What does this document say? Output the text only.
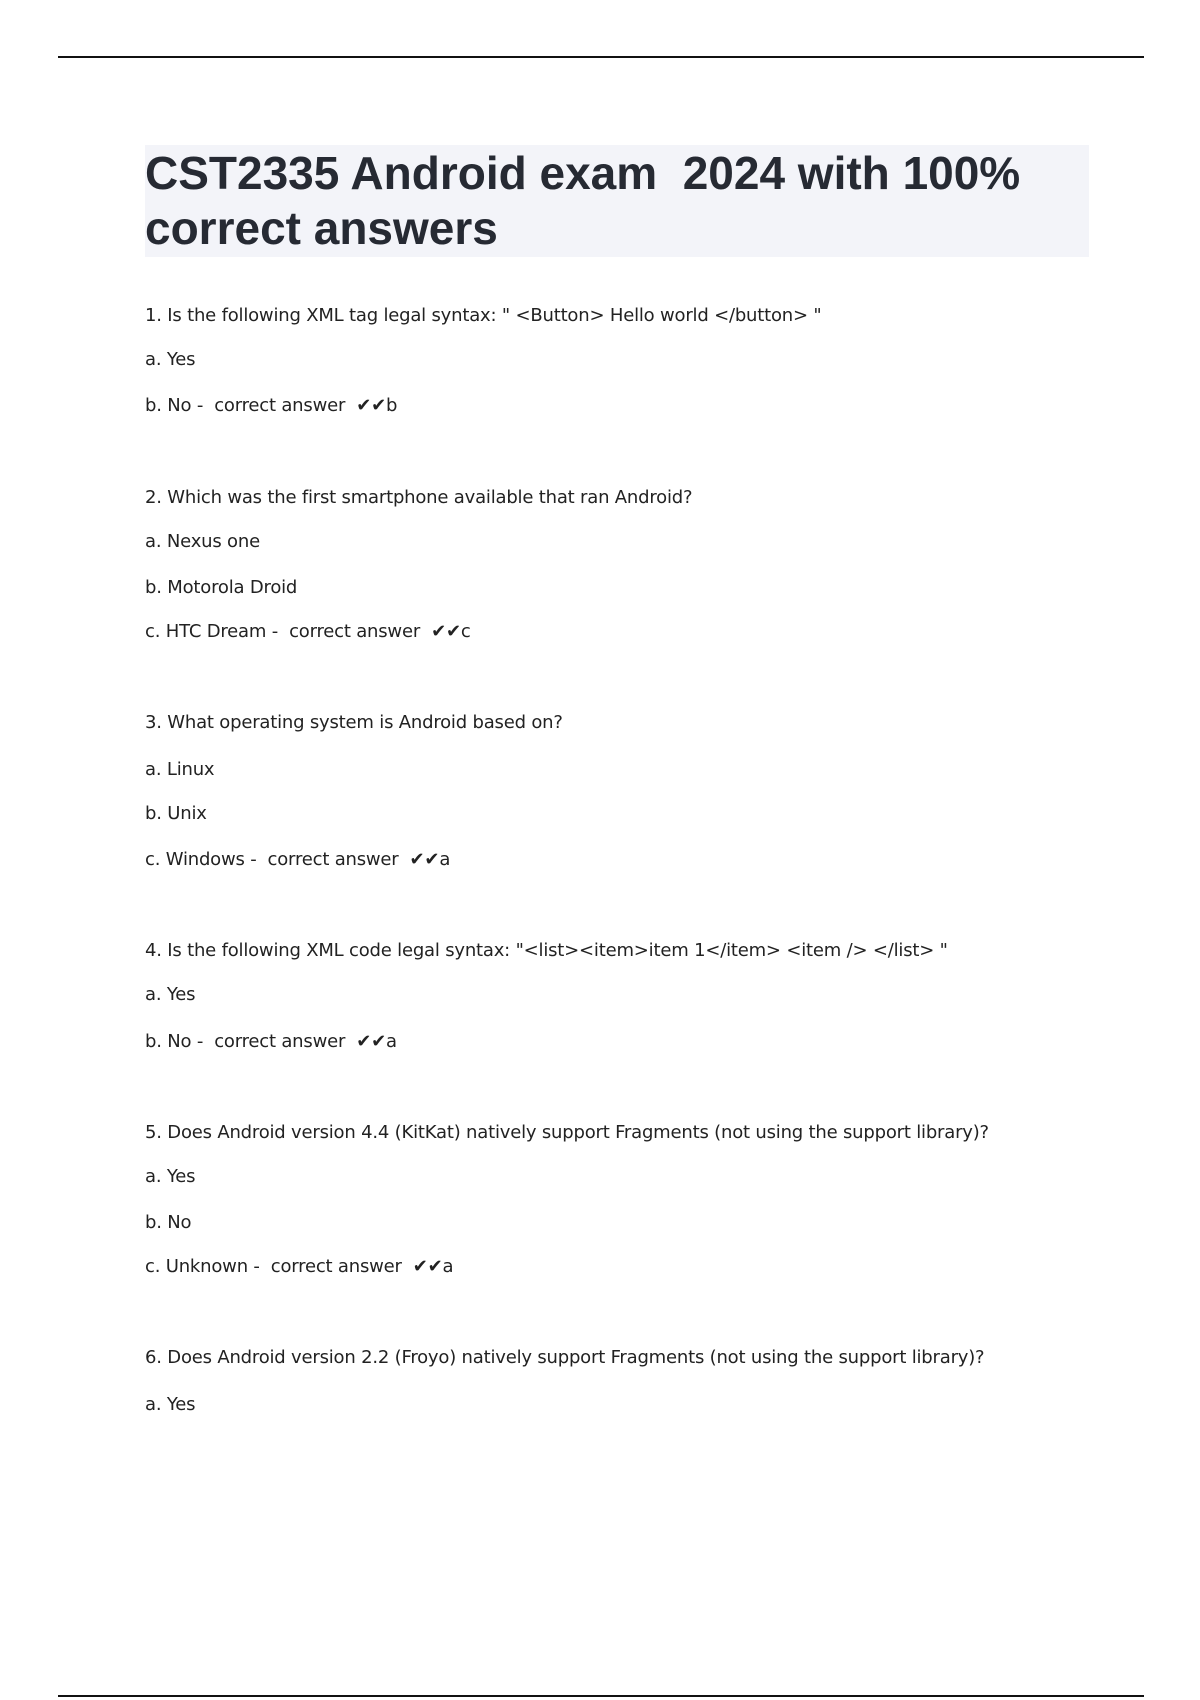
CST2335 Android exam  2024 with 100%
correct answers
1. Is the following XML tag legal syntax: " <Button> Hello world </button> "
a. Yes
b. No -  correct answer  ✔✔b
2. Which was the first smartphone available that ran Android?
a. Nexus one
b. Motorola Droid
c. HTC Dream -  correct answer  ✔✔c
3. What operating system is Android based on?
a. Linux
b. Unix
c. Windows -  correct answer  ✔✔a
4. Is the following XML code legal syntax: "<list><item>item 1</item> <item /> </list> "
a. Yes
b. No -  correct answer  ✔✔a
5. Does Android version 4.4 (KitKat) natively support Fragments (not using the support library)?
a. Yes
b. No
c. Unknown -  correct answer  ✔✔a
6. Does Android version 2.2 (Froyo) natively support Fragments (not using the support library)?
a. Yes
